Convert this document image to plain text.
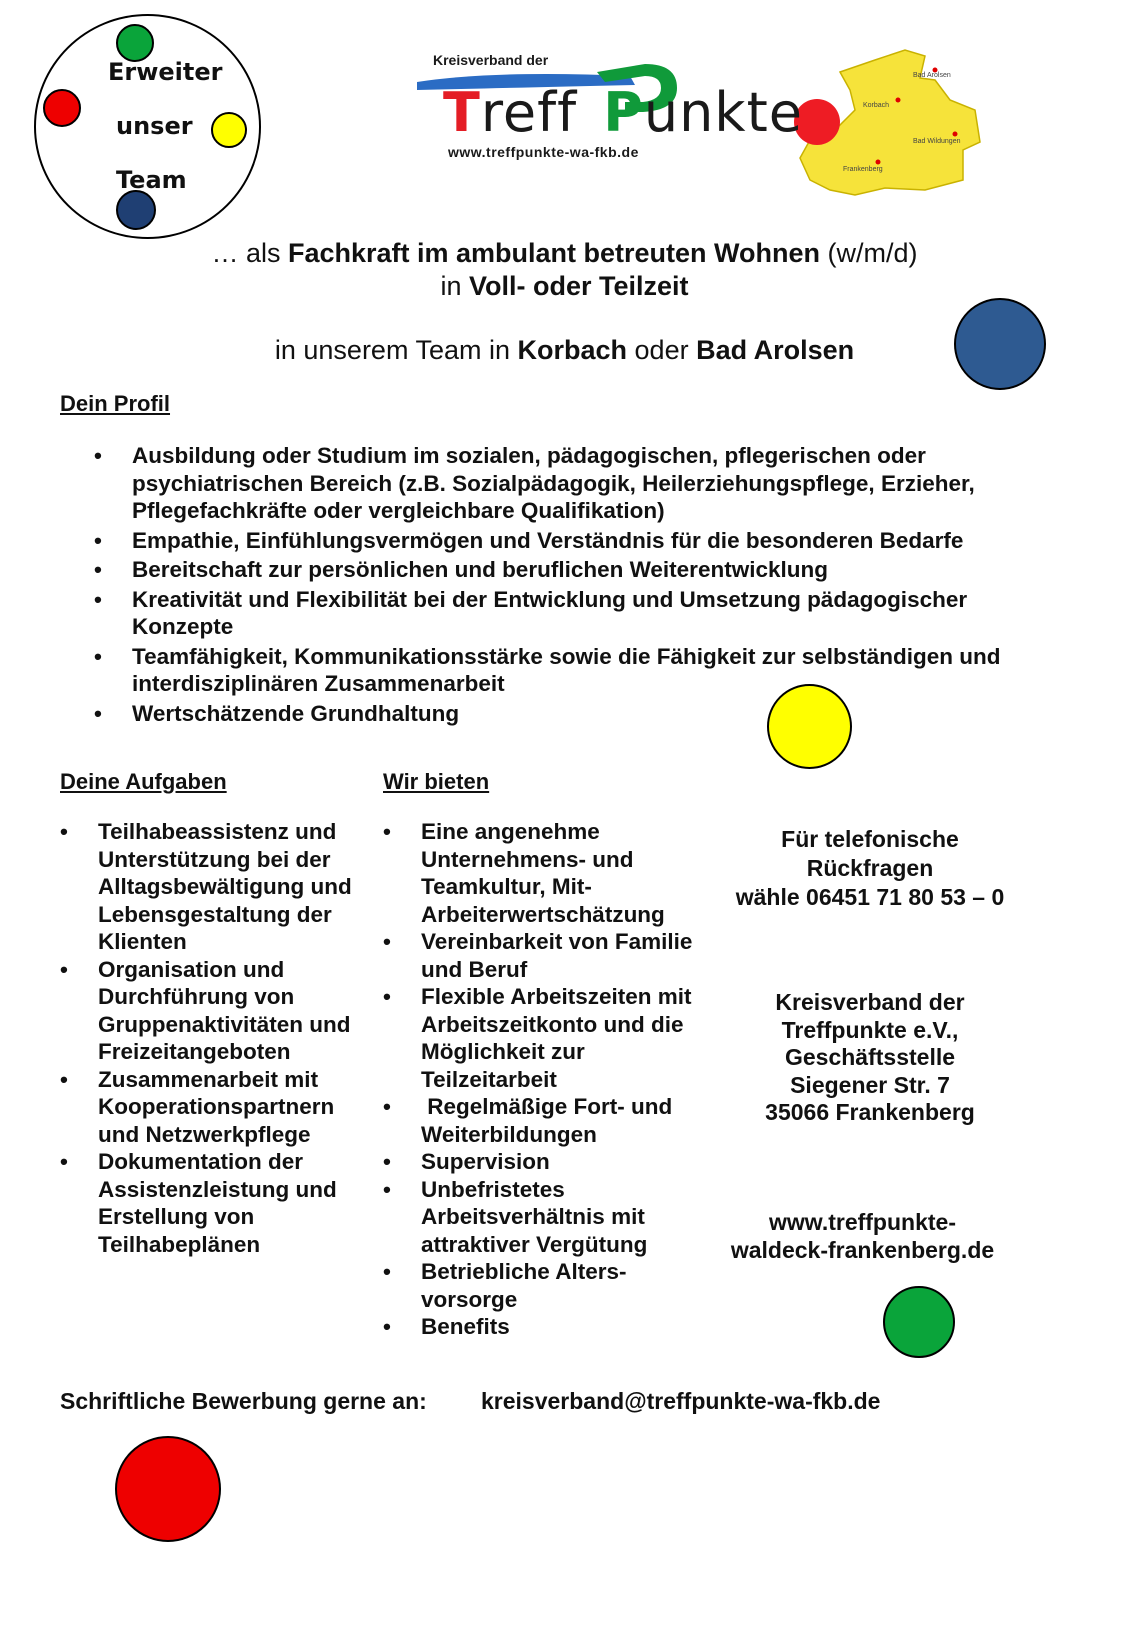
Erweiter
unser
Team
Kreisverband der
Treff Punkte
www.treffpunkte-wa-fkb.de
Bad Arolsen
Korbach
Bad Wildungen
Frankenberg
… als Fachkraft im ambulant betreuten Wohnen (w/m/d)
in Voll- oder Teilzeit
in unserem Team in Korbach oder Bad Arolsen
Dein Profil
• Ausbildung oder Studium im sozialen, pädagogischen, pflegerischen oder psychiatrischen Bereich (z.B. Sozialpädagogik, Heilerziehungspflege, Erzieher, Pflegefachkräfte oder vergleichbare Qualifikation)
• Empathie, Einfühlungsvermögen und Verständnis für die besonderen Bedarfe
• Bereitschaft zur persönlichen und beruflichen Weiterentwicklung
• Kreativität und Flexibilität bei der Entwicklung und Umsetzung pädagogischer Konzepte
• Teamfähigkeit, Kommunikationsstärke sowie die Fähigkeit zur selbständigen und interdisziplinären Zusammenarbeit
• Wertschätzende Grundhaltung
Deine Aufgaben
• Teilhabeassistenz und Unterstützung bei der Alltagsbewältigung und Lebensgestaltung der Klienten
• Organisation und Durchführung von Gruppenaktivitäten und Freizeitangeboten
• Zusammenarbeit mit Kooperationspartnern und Netzwerkpflege
• Dokumentation der Assistenzleistung und Erstellung von Teilhabeplänen
Wir bieten
• Eine angenehme Unternehmens- und Teamkultur, Mit-Arbeiterwertschätzung
• Vereinbarkeit von Familie und Beruf
• Flexible Arbeitszeiten mit Arbeitszeitkonto und die Möglichkeit zur Teilzeitarbeit
•  Regelmäßige Fort- und Weiterbildungen
• Supervision
• Unbefristetes Arbeitsverhältnis mit attraktiver Vergütung
• Betriebliche Alters-vorsorge
• Benefits
Für telefonische
Rückfragen
wähle 06451 71 80 53 – 0
Kreisverband der
Treffpunkte e.V.,
Geschäftsstelle
Siegener Str. 7
35066 Frankenberg
www.treffpunkte-
waldeck-frankenberg.de
Schriftliche Bewerbung gerne an: kreisverband@treffpunkte-wa-fkb.de
